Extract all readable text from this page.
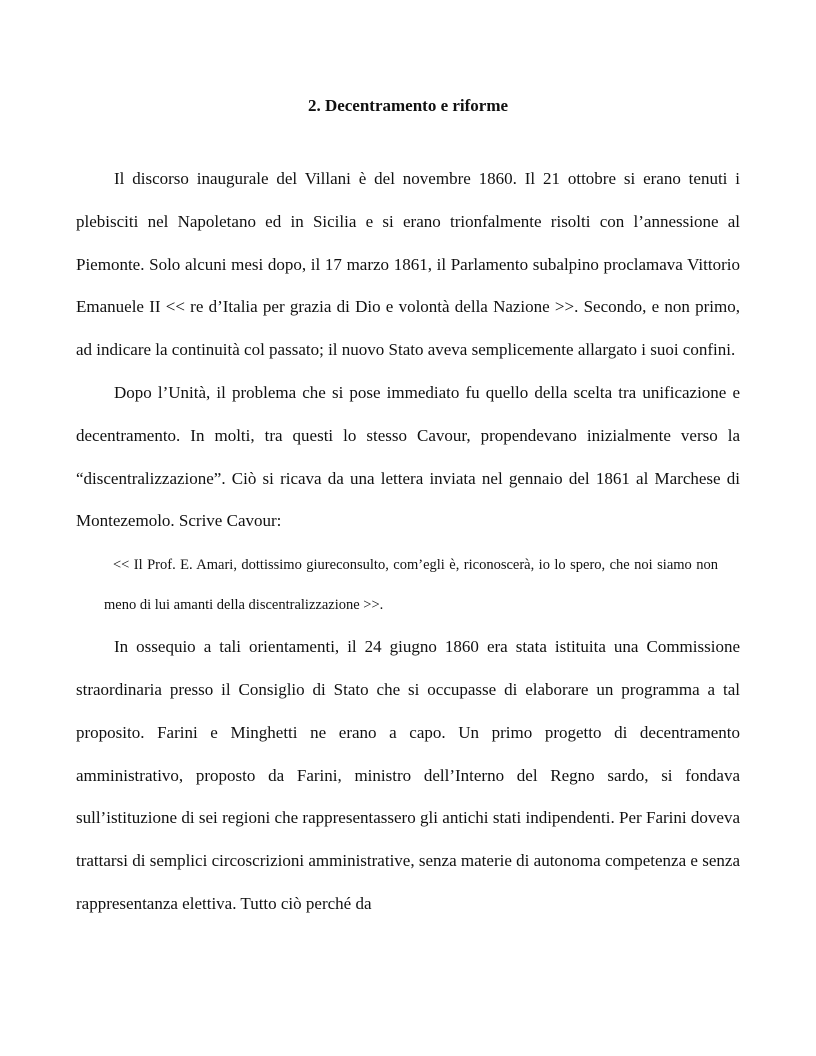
2. Decentramento e riforme

Il discorso inaugurale del Villani è del novembre 1860. Il 21 ottobre si erano tenuti i plebisciti nel Napoletano ed in Sicilia e si erano trionfalmente risolti con l’annessione al Piemonte. Solo alcuni mesi dopo, il 17 marzo 1861, il Parlamento subalpino proclamava Vittorio Emanuele II << re d’Italia per grazia di Dio e volontà della Nazione >>. Secondo, e non primo, ad indicare la continuità col passato; il nuovo Stato aveva semplicemente allargato i suoi confini.

Dopo l’Unità, il problema che si pose immediato fu quello della scelta tra unificazione e decentramento. In molti, tra questi lo stesso Cavour, propendevano inizialmente verso la “discentralizzazione”. Ciò si ricava da una lettera inviata nel gennaio del 1861 al Marchese di Montezemolo. Scrive Cavour:

<< Il Prof. E. Amari, dottissimo giureconsulto, com’egli è, riconoscerà, io lo spero, che noi siamo non meno di lui amanti della discentralizzazione >>.

In ossequio a tali orientamenti, il 24 giugno 1860 era stata istituita una Commissione straordinaria presso il Consiglio di Stato che si occupasse di elaborare un programma a tal proposito. Farini e Minghetti ne erano a capo. Un primo progetto di decentramento amministrativo, proposto da Farini, ministro dell’Interno del Regno sardo, si fondava sull’istituzione di sei regioni che rappresentassero gli antichi stati indipendenti. Per Farini doveva trattarsi di semplici circoscrizioni amministrative, senza materie di autonoma competenza e senza rappresentanza elettiva. Tutto ciò perché da
